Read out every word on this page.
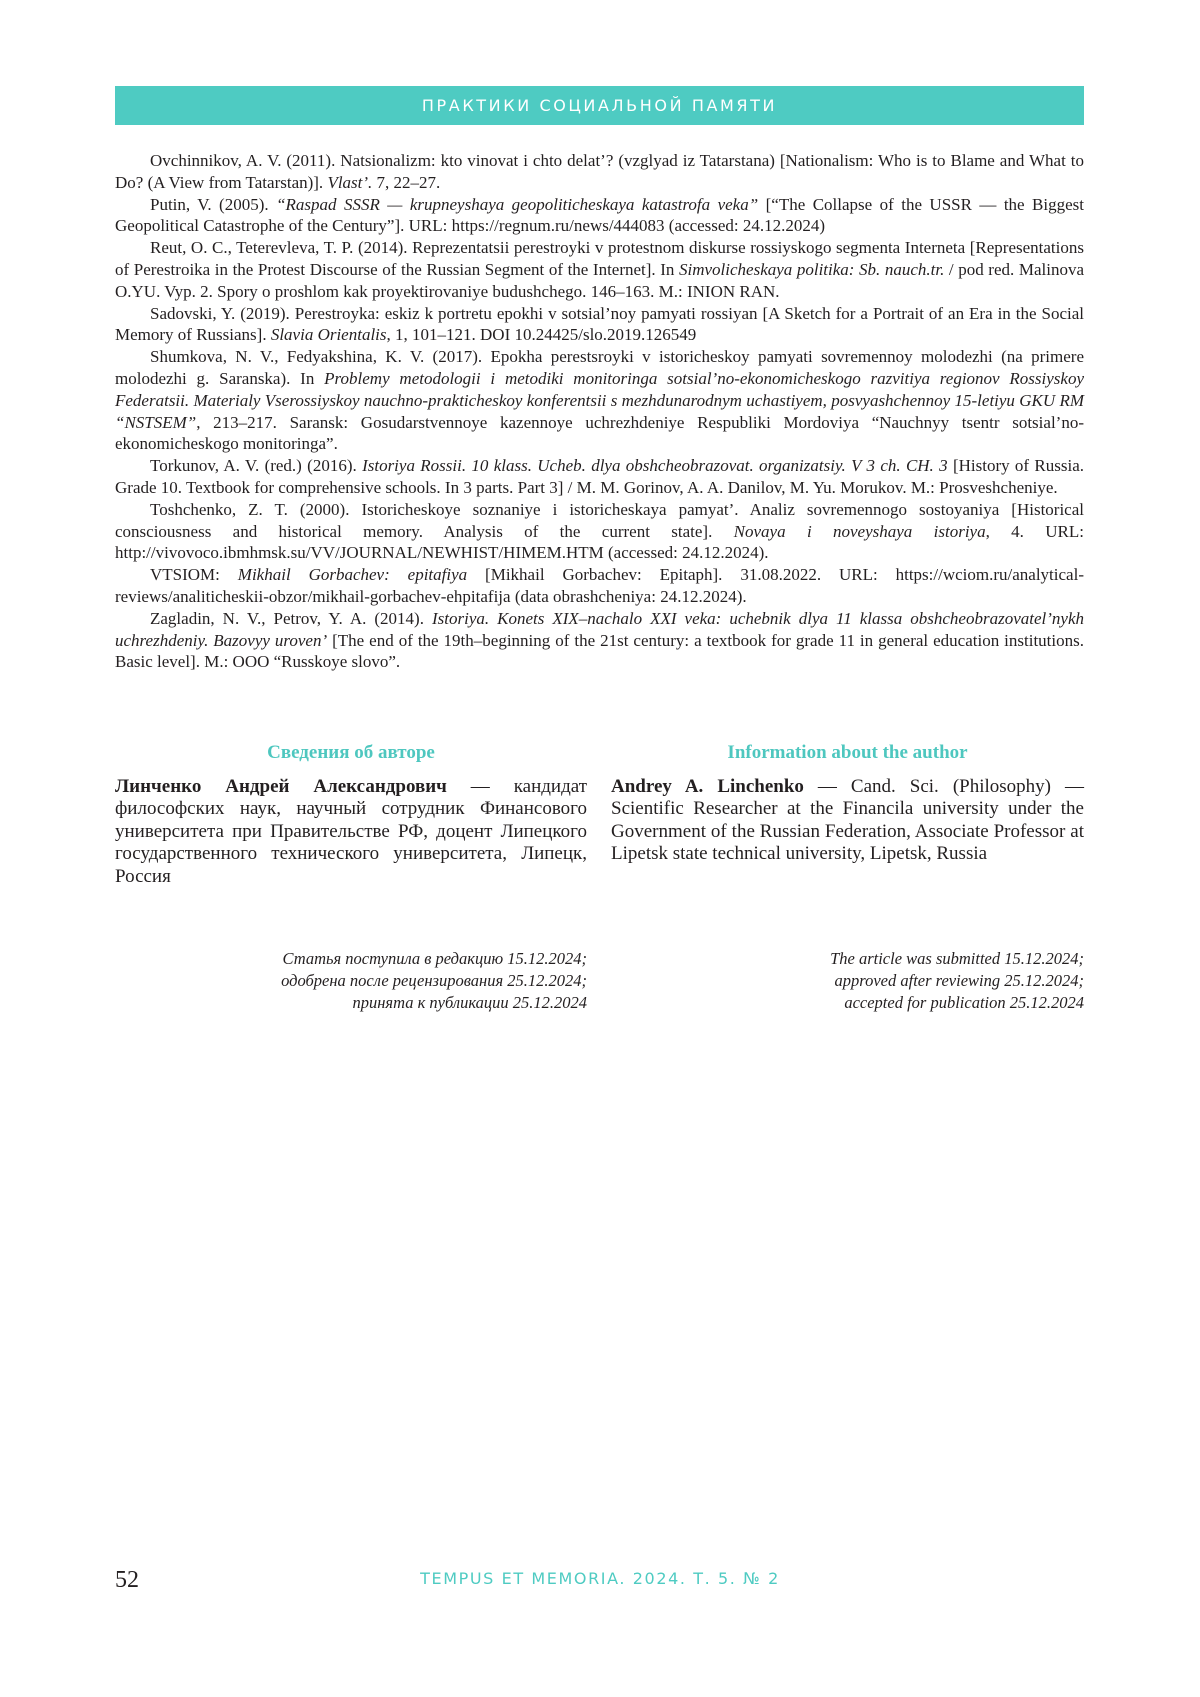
ПРАКТИКИ СОЦИАЛЬНОЙ ПАМЯТИ

Ovchinnikov, A. V. (2011). Natsionalizm: kto vinovat i chto delat’? (vzglyad iz Tatarstana) [Nationalism: Who is to Blame and What to Do? (A View from Tatarstan)]. Vlast’. 7, 22–27.

Putin, V. (2005). “Raspad SSSR — krupneyshaya geopoliticheskaya katastrofa veka” [“The Collapse of the USSR — the Biggest Geopolitical Catastrophe of the Century”]. URL: https://regnum.ru/news/444083 (accessed: 24.12.2024)

Reut, O. C., Teterevleva, T. P. (2014). Reprezentatsii perestroyki v protestnom diskurse rossiyskogo segmenta Interneta [Representations of Perestroika in the Protest Discourse of the Russian Segment of the Internet]. In Simvolicheskaya politika: Sb. nauch.tr. / pod red. Malinova O.YU. Vyp. 2. Spory o proshlom kak proyektirovaniye budushchego. 146–163. M.: INION RAN.

Sadovski, Y. (2019). Perestroyka: eskiz k portretu epokhi v sotsial’noy pamyati rossiyan [A Sketch for a Portrait of an Era in the Social Memory of Russians]. Slavia Orientalis, 1, 101–121. DOI 10.24425/slo.2019.126549

Shumkova, N. V., Fedyakshina, K. V. (2017). Epokha perestsroyki v istoricheskoy pamyati sovremennoy molodezhi (na primere molodezhi g. Saranska). In Problemy metodologii i metodiki monitoringa sotsial’no-ekonomicheskogo razvitiya regionov Rossiyskoy Federatsii. Materialy Vserossiyskoy nauchno-prakticheskoy konferentsii s mezhdunarodnym uchastiyem, posvyashchennoy 15-letiyu GKU RM “NSTSEM”, 213–217. Saransk: Gosudarstvennoye kazennoye uchrezhdeniye Respubliki Mordoviya “Nauchnyy tsentr sotsial’no-ekonomicheskogo monitoringa”.

Torkunov, A. V. (red.) (2016). Istoriya Rossii. 10 klass. Ucheb. dlya obshcheobrazovat. organizatsiy. V 3 ch. CH. 3 [History of Russia. Grade 10. Textbook for comprehensive schools. In 3 parts. Part 3] / M. M. Gorinov, A. A. Danilov, M. Yu. Morukov. M.: Prosveshcheniye.

Toshchenko, Z. T. (2000). Istoricheskoye soznaniye i istoricheskaya pamyat’. Analiz sovremennogo sostoyaniya [Historical consciousness and historical memory. Analysis of the current state]. Novaya i noveyshaya istoriya, 4. URL: http://vivovoco.ibmhmsk.su/VV/JOURNAL/NEWHIST/HIMEM.HTM (accessed: 24.12.2024).

VTSIOM: Mikhail Gorbachev: epitafiya [Mikhail Gorbachev: Epitaph]. 31.08.2022. URL: https://wciom.ru/analytical-reviews/analiticheskii-obzor/mikhail-gorbachev-ehpitafija (data obrashcheniya: 24.12.2024).

Zagladin, N. V., Petrov, Y. A. (2014). Istoriya. Konets XIX–nachalo XXI veka: uchebnik dlya 11 klassa obshcheobrazovatel’nykh uchrezhdeniy. Bazovyy uroven’ [The end of the 19th–beginning of the 21st century: a textbook for grade 11 in general education institutions. Basic level]. M.: OOO “Russkoye slovo”.

Сведения об авторе

Линченко Андрей Александрович — кандидат философских наук, научный сотрудник Финансового университета при Правительстве РФ, доцент Липецкого государственного технического университета, Липецк, Россия

Information about the author

Andrey A. Linchenko — Cand. Sci. (Philosophy) — Scientific Researcher at the Financila university under the Government of the Russian Federation, Associate Professor at Lipetsk state technical university, Lipetsk, Russia

Статья поступила в редакцию 15.12.2024;
одобрена после рецензирования 25.12.2024;
принята к публикации 25.12.2024
The article was submitted 15.12.2024;
approved after reviewing 25.12.2024;
accepted for publication 25.12.2024
52	TEMPUS ET MEMORIA. 2024. Т. 5. № 2
